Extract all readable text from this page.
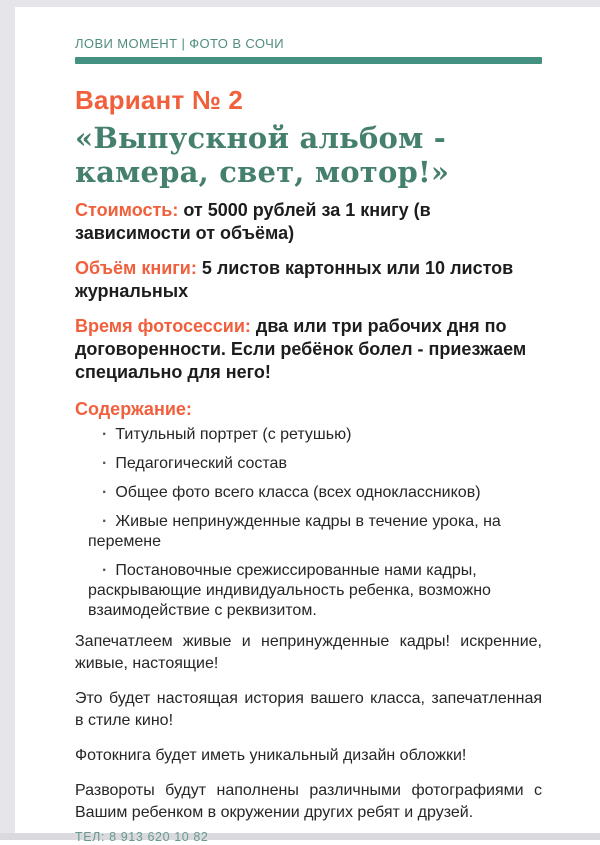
ЛОВИ МОМЕНТ | ФОТО В СОЧИ
Вариант № 2
«Выпускной альбом -
камера, свет, мотор!»

Стоимость: от 5000 рублей за 1 книгу (в зависимости от объёма)

Объём книги: 5 листов картонных или 10 листов журнальных

Время фотосессии: два или три рабочих дня по договоренности. Если ребёнок болел - приезжаем специально для него!

Содержание:
· Титульный портрет (с ретушью)
· Педагогический состав
· Общее фото всего класса (всех одноклассников)
· Живые непринужденные кадры в течение урока, на перемене
· Постановочные срежиссированные нами кадры, раскрывающие индивидуальность ребенка, возможно взаимодействие с реквизитом.

Запечатлеем живые и непринужденные кадры! искренние, живые, настоящие!

Это будет настоящая история вашего класса, запечатленная в стиле кино!

Фотокнига будет иметь уникальный дизайн обложки!

Развороты будут наполнены различными фотографиями с Вашим ребенком в окружении других ребят и друзей.

ТЕЛ: 8 913 620 10 82
